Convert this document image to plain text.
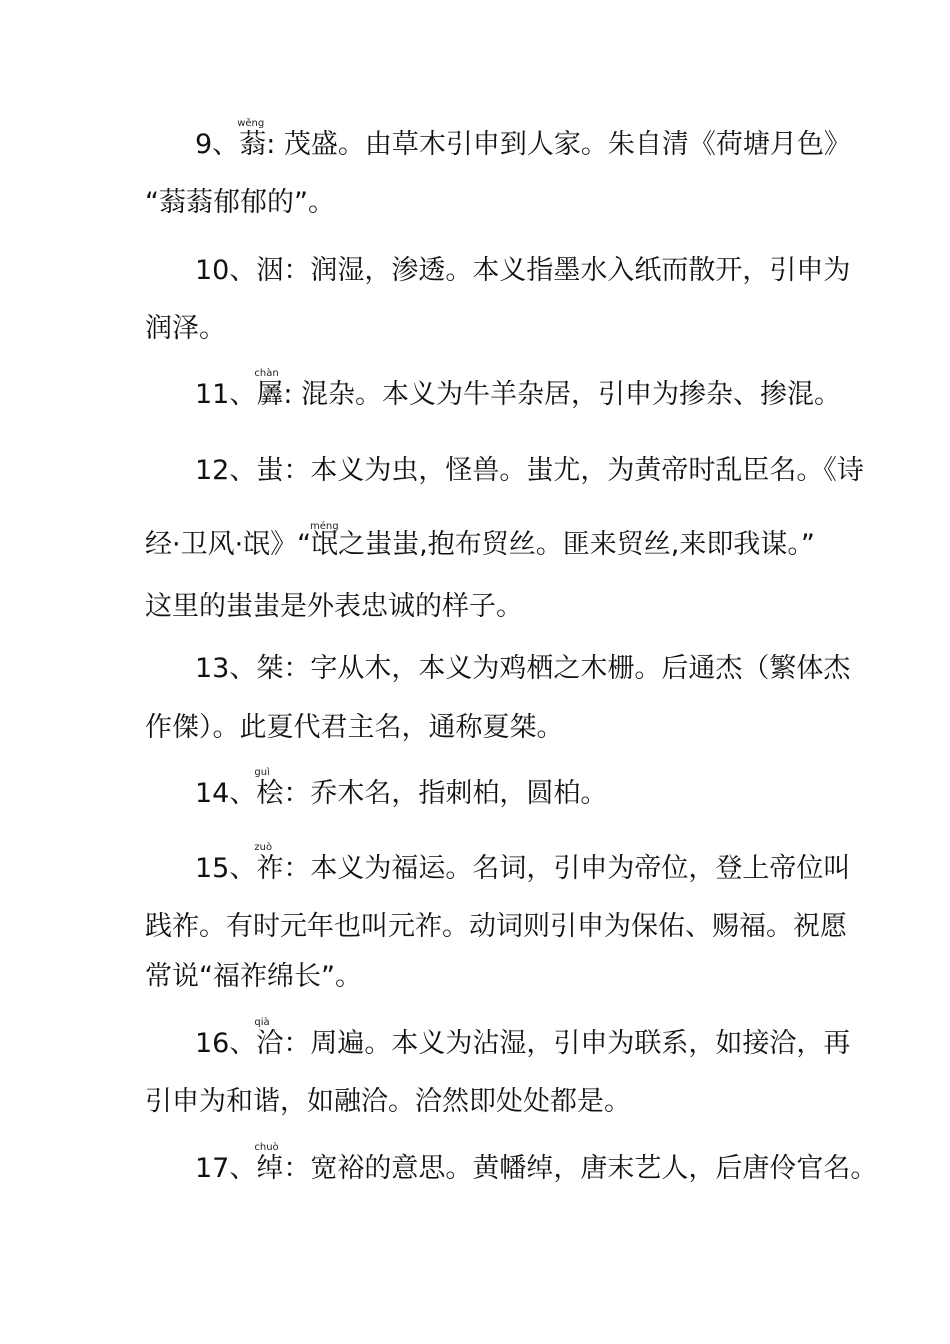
9、蓊
wěng
: 茂盛。由草木引申到人家。朱自清《荷塘月色》
“蓊蓊郁郁的”。
10、洇：润湿，渗透。本义指墨水入纸而散开，引申为
润泽。
11、羼
chàn
: 混杂。本义为牛羊杂居，引申为掺杂、掺混。
12、蚩：本义为虫，怪兽。蚩尤，为黄帝时乱臣名。《诗
经·卫风·氓》“氓之蚩蚩,抱布贸丝。匪来贸丝,来即我谋。”
méng
这里的蚩蚩是外表忠诚的样子。
13、桀：字从木，本义为鸡栖之木栅。后通杰（繁体杰
作傑）。此夏代君主名，通称夏桀。
14、桧
guì
：乔木名，指刺柏，圆柏。
15、祚
zuò
：本义为福运。名词，引申为帝位，登上帝位叫
践祚。有时元年也叫元祚。动词则引申为保佑、赐福。祝愿
常说“福祚绵长”。
16、洽
qià
：周遍。本义为沾湿，引申为联系，如接洽，再
引申为和谐，如融洽。洽然即处处都是。
17、绰
chuò
：宽裕的意思。黄幡绰，唐末艺人，后唐伶官名。
